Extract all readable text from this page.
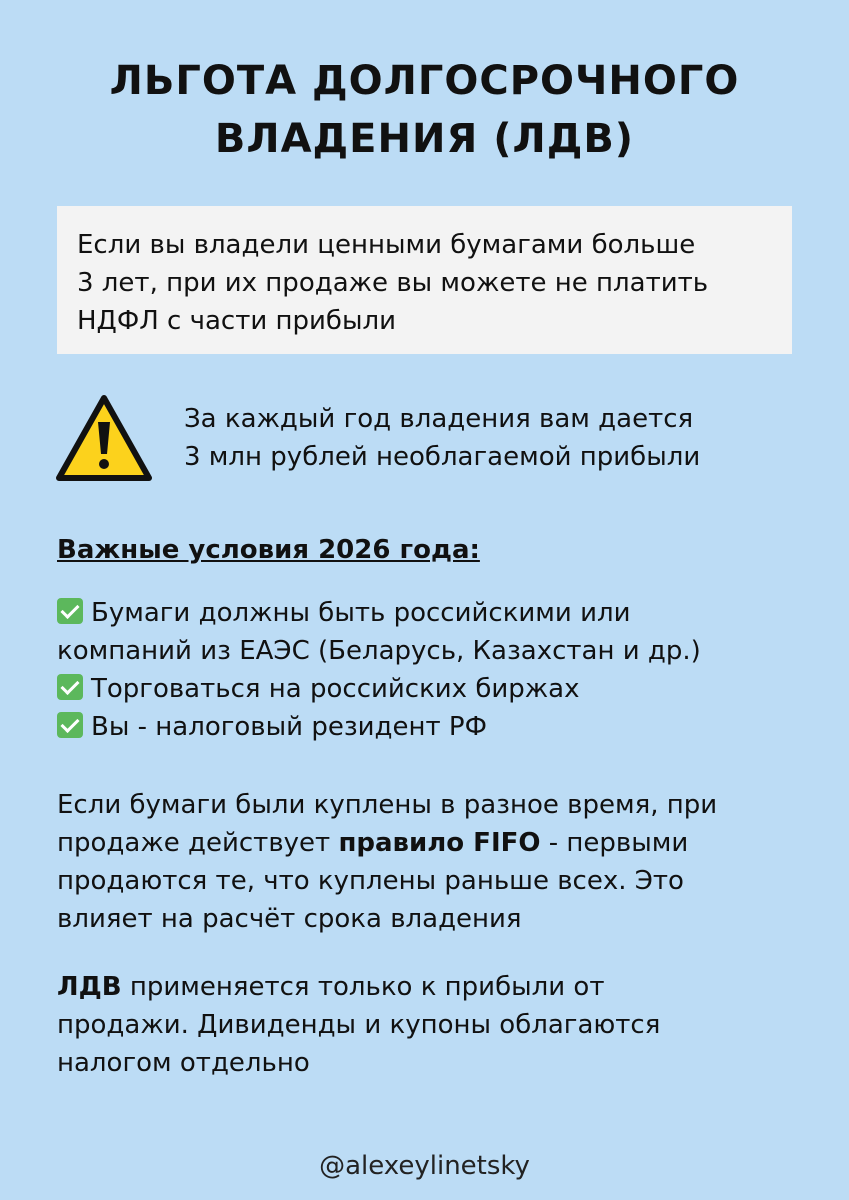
ЛЬГОТА ДОЛГОСРОЧНОГО
ВЛАДЕНИЯ (ЛДВ)

Если вы владели ценными бумагами больше

3 лет, при их продаже вы можете не платить

НДФЛ с части прибыли

За каждый год владения вам дается
3 млн рублей необлагаемой прибыли
Важные условия 2026 года:
Бумаги должны быть российскими или
компаний из ЕАЭС (Беларусь, Казахстан и др.)
Торговаться на российских биржах
Вы - налоговый резидент РФ
Если бумаги были куплены в разное время, при
продаже действует правило FIFO - первыми
продаются те, что куплены раньше всех. Это
влияет на расчёт срока владения
ЛДВ применяется только к прибыли от
продажи. Дивиденды и купоны облагаются
налогом отдельно
@alexeylinetsky
